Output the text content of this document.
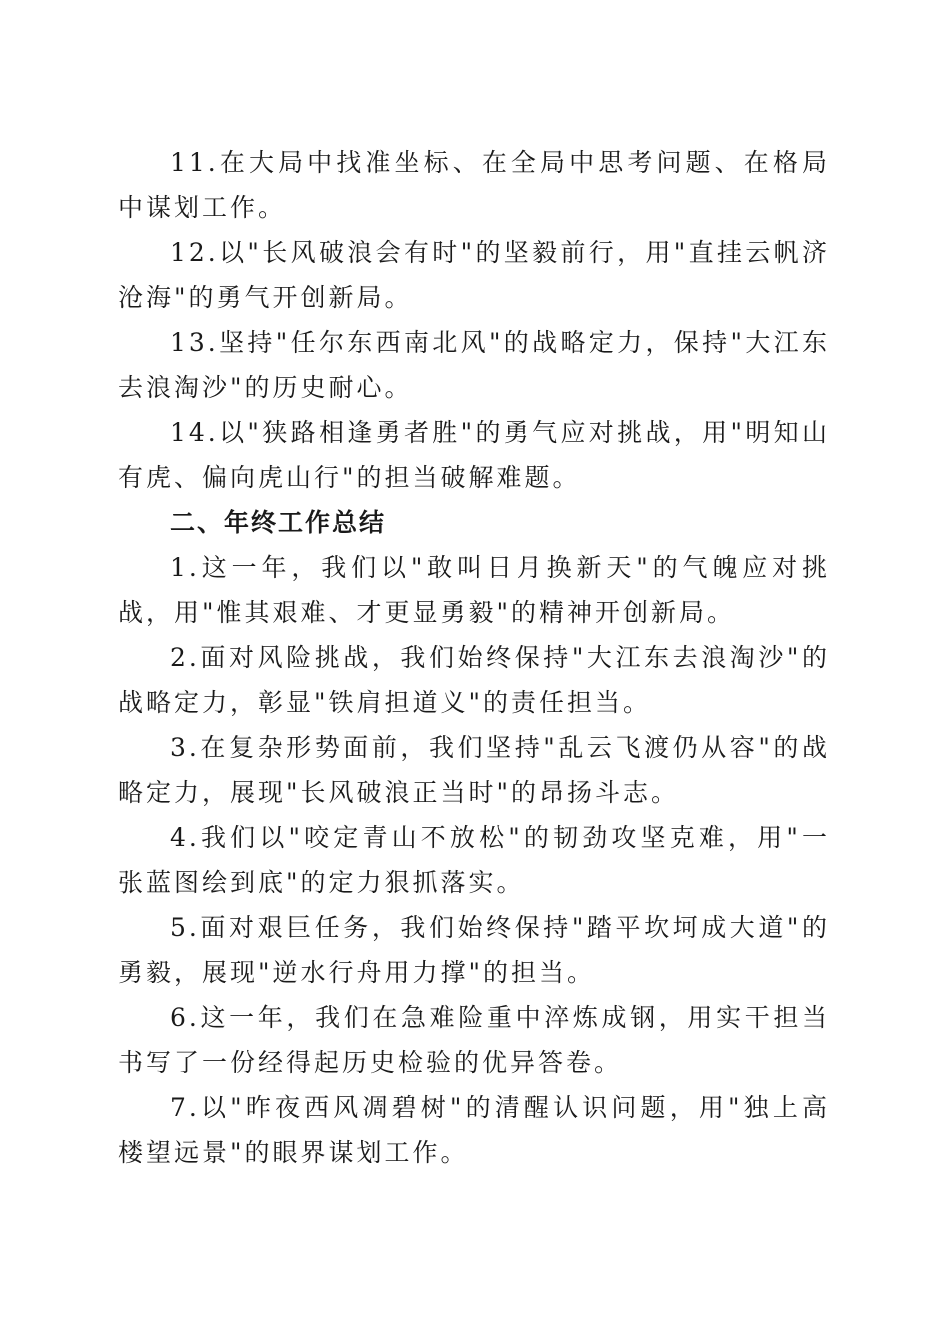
11.在大局中找准坐标、在全局中思考问题、在格局中谋划工作。

12.以"长风破浪会有时"的坚毅前行，用"直挂云帆济沧海"的勇气开创新局。

13.坚持"任尔东西南北风"的战略定力，保持"大江东去浪淘沙"的历史耐心。

14.以"狭路相逢勇者胜"的勇气应对挑战，用"明知山有虎、偏向虎山行"的担当破解难题。

二、年终工作总结

1.这一年，我们以"敢叫日月换新天"的气魄应对挑战，用"惟其艰难、才更显勇毅"的精神开创新局。

2.面对风险挑战，我们始终保持"大江东去浪淘沙"的战略定力，彰显"铁肩担道义"的责任担当。

3.在复杂形势面前，我们坚持"乱云飞渡仍从容"的战略定力，展现"长风破浪正当时"的昂扬斗志。

4.我们以"咬定青山不放松"的韧劲攻坚克难，用"一张蓝图绘到底"的定力狠抓落实。

5.面对艰巨任务，我们始终保持"踏平坎坷成大道"的勇毅，展现"逆水行舟用力撑"的担当。

6.这一年，我们在急难险重中淬炼成钢，用实干担当书写了一份经得起历史检验的优异答卷。

7.以"昨夜西风凋碧树"的清醒认识问题，用"独上高楼望远景"的眼界谋划工作。
